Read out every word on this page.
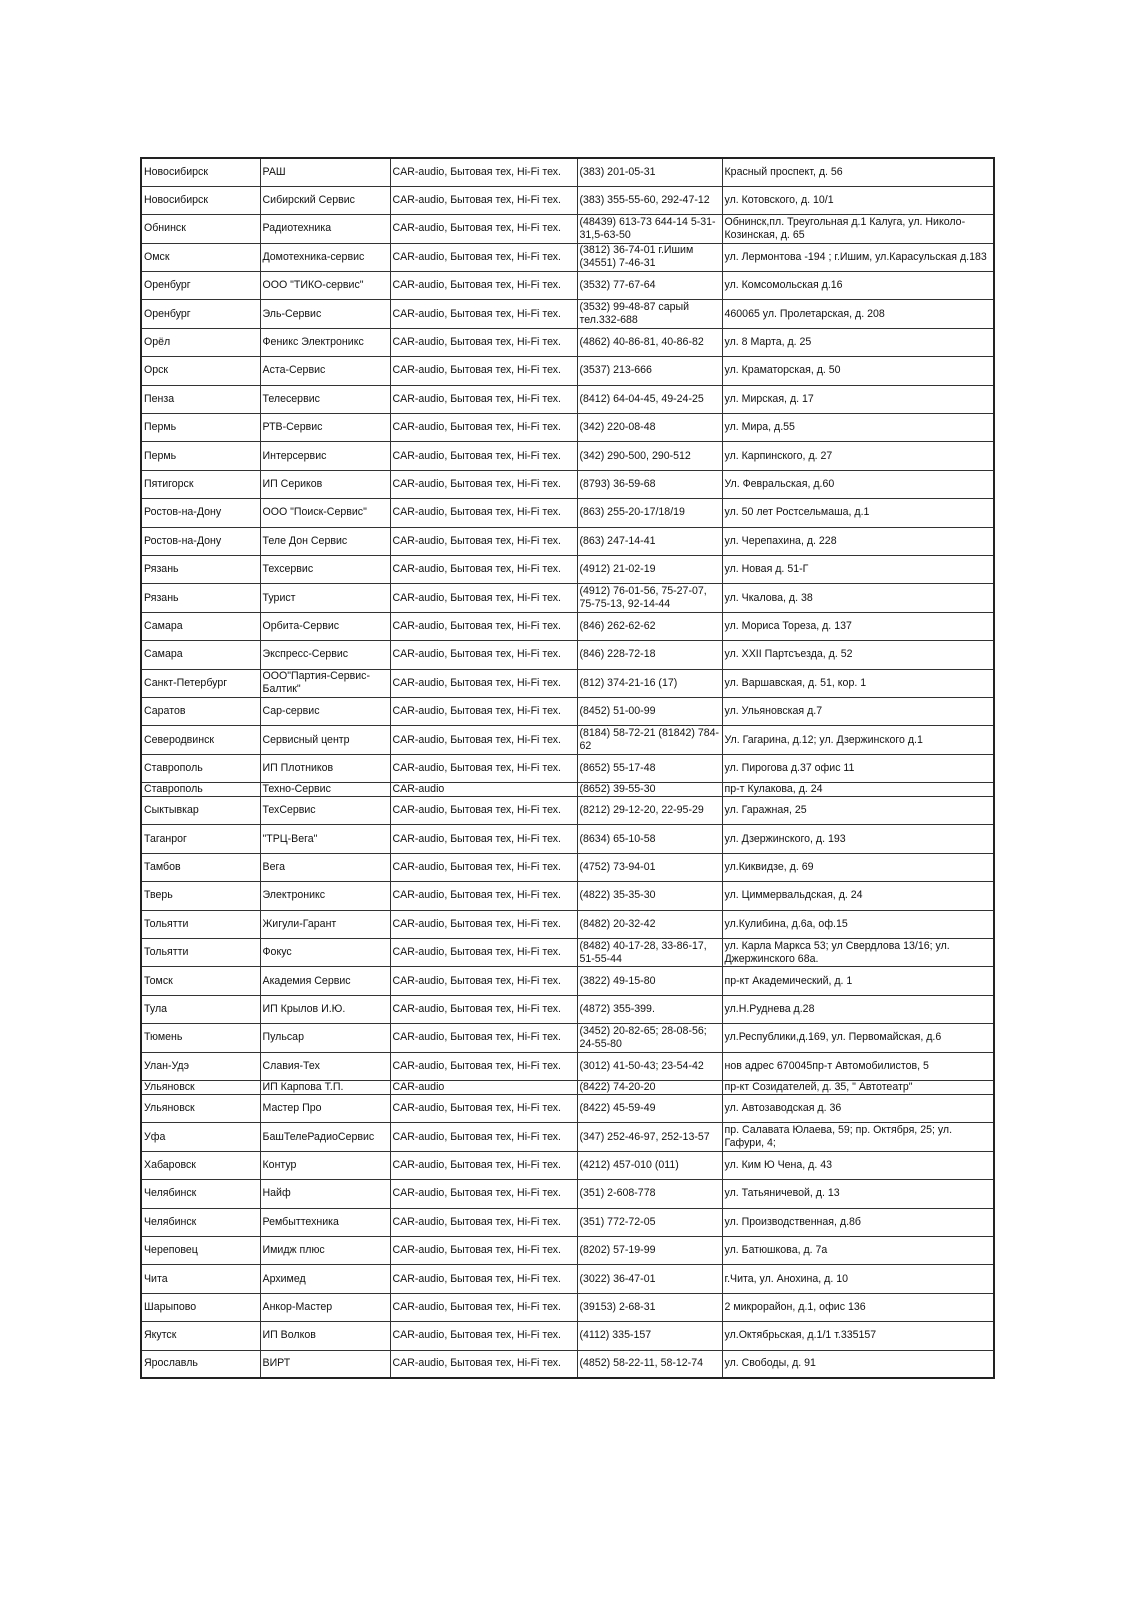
Новосибирск	РАШ	CAR-audio, Бытовая тех, Hi-Fi тех.	(383) 201-05-31	Красный проспект, д. 56
Новосибирск	Сибирский Сервис	CAR-audio, Бытовая тех, Hi-Fi тех.	(383) 355-55-60, 292-47-12	ул. Котовского, д. 10/1
Обнинск	Радиотехника	CAR-audio, Бытовая тех, Hi-Fi тех.	(48439) 613-73 644-14 5-31-31,5-63-50	Обнинск,пл. Треугольная д.1 Калуга, ул. Николо-Козинская, д. 65
Омск	Домотехника-сервис	CAR-audio, Бытовая тех, Hi-Fi тех.	(3812) 36-74-01 г.Ишим (34551) 7-46-31	ул. Лермонтова -194 ; г.Ишим, ул.Карасульская д.183
Оренбург	ООО "ТИКО-сервис"	CAR-audio, Бытовая тех, Hi-Fi тех.	(3532) 77-67-64	ул. Комсомольская д.16
Оренбург	Эль-Сервис	CAR-audio, Бытовая тех, Hi-Fi тех.	(3532) 99-48-87 сарый тел.332-688	460065 ул. Пролетарская, д. 208
Орёл	Феникс Электроникс	CAR-audio, Бытовая тех, Hi-Fi тех.	(4862) 40-86-81, 40-86-82	ул. 8 Марта, д. 25
Орск	Аста-Сервис	CAR-audio, Бытовая тех, Hi-Fi тех.	(3537) 213-666	ул. Краматорская, д. 50
Пенза	Телесервис	CAR-audio, Бытовая тех, Hi-Fi тех.	(8412) 64-04-45, 49-24-25	ул. Мирская, д. 17
Пермь	РТВ-Сервис	CAR-audio, Бытовая тех, Hi-Fi тех.	(342) 220-08-48	ул. Мира, д.55
Пермь	Интерсервис	CAR-audio, Бытовая тех, Hi-Fi тех.	(342) 290-500, 290-512	ул. Карпинского, д. 27
Пятигорск	ИП Сериков	CAR-audio, Бытовая тех, Hi-Fi тех.	(8793) 36-59-68	Ул. Февральская, д.60
Ростов-на-Дону	ООО "Поиск-Сервис"	CAR-audio, Бытовая тех, Hi-Fi тех.	(863) 255-20-17/18/19	ул. 50 лет Ростсельмаша, д.1
Ростов-на-Дону	Теле Дон Сервис	CAR-audio, Бытовая тех, Hi-Fi тех.	(863) 247-14-41	ул. Черепахина, д. 228
Рязань	Техсервис	CAR-audio, Бытовая тех, Hi-Fi тех.	(4912) 21-02-19	ул. Новая д. 51-Г
Рязань	Турист	CAR-audio, Бытовая тех, Hi-Fi тех.	(4912) 76-01-56, 75-27-07, 75-75-13, 92-14-44	ул. Чкалова, д. 38
Самара	Орбита-Сервис	CAR-audio, Бытовая тех, Hi-Fi тех.	(846) 262-62-62	ул. Мориса Тореза, д. 137
Самара	Экспресс-Сервис	CAR-audio, Бытовая тех, Hi-Fi тех.	(846) 228-72-18	ул. XXII Партсъезда, д. 52
Санкт-Петербург	ООО"Партия-Сервис-Балтик"	CAR-audio, Бытовая тех, Hi-Fi тех.	(812) 374-21-16 (17)	ул. Варшавская, д. 51, кор. 1
Саратов	Сар-сервис	CAR-audio, Бытовая тех, Hi-Fi тех.	(8452) 51-00-99	ул. Ульяновская д.7
Северодвинск	Сервисный центр	CAR-audio, Бытовая тех, Hi-Fi тех.	(8184) 58-72-21 (81842) 784-62	Ул. Гагарина, д.12; ул. Дзержинского д.1
Ставрополь	ИП Плотников	CAR-audio, Бытовая тех, Hi-Fi тех.	(8652) 55-17-48	ул. Пирогова д.37 офис 11
Ставрополь	Техно-Сервис	CAR-audio	(8652) 39-55-30	пр-т Кулакова, д. 24
Сыктывкар	ТехСервис	CAR-audio, Бытовая тех, Hi-Fi тех.	(8212) 29-12-20, 22-95-29	ул. Гаражная, 25
Таганрог	"ТРЦ-Вега"	CAR-audio, Бытовая тех, Hi-Fi тех.	(8634) 65-10-58	ул. Дзержинского, д. 193
Тамбов	Вега	CAR-audio, Бытовая тех, Hi-Fi тех.	(4752) 73-94-01	ул.Киквидзе, д. 69
Тверь	Электроникс	CAR-audio, Бытовая тех, Hi-Fi тех.	(4822) 35-35-30	ул. Циммервальдская, д. 24
Тольятти	Жигули-Гарант	CAR-audio, Бытовая тех, Hi-Fi тех.	(8482) 20-32-42	ул.Кулибина, д.6а, оф.15
Тольятти	Фокус	CAR-audio, Бытовая тех, Hi-Fi тех.	(8482) 40-17-28, 33-86-17, 51-55-44	ул. Карла Маркса 53; ул Свердлова 13/16; ул. Джержинского 68а.
Томск	Академия Сервис	CAR-audio, Бытовая тех, Hi-Fi тех.	(3822) 49-15-80	пр-кт Академический, д. 1
Тула	ИП Крылов И.Ю.	CAR-audio, Бытовая тех, Hi-Fi тех.	(4872) 355-399.	ул.Н.Руднева д.28
Тюмень	Пульсар	CAR-audio, Бытовая тех, Hi-Fi тех.	(3452) 20-82-65; 28-08-56; 24-55-80	ул.Республики,д.169, ул. Первомайская, д.6
Улан-Удэ	Славия-Тех	CAR-audio, Бытовая тех, Hi-Fi тех.	(3012) 41-50-43; 23-54-42	нов адрес 670045пр-т Автомобилистов, 5
Ульяновск	ИП Карпова Т.П.	CAR-audio	(8422) 74-20-20	пр-кт Созидателей, д. 35, " Автотеатр"
Ульяновск	Мастер Про	CAR-audio, Бытовая тех, Hi-Fi тех.	(8422) 45-59-49	ул. Автозаводская д. 36
Уфа	БашТелеРадиоСервис	CAR-audio, Бытовая тех, Hi-Fi тех.	(347) 252-46-97, 252-13-57	пр. Салавата Юлаева, 59; пр. Октября, 25; ул. Гафури, 4;
Хабаровск	Контур	CAR-audio, Бытовая тех, Hi-Fi тех.	(4212) 457-010 (011)	ул. Ким Ю Чена, д. 43
Челябинск	Найф	CAR-audio, Бытовая тех, Hi-Fi тех.	(351) 2-608-778	ул. Татьяничевой, д. 13
Челябинск	Рембыттехника	CAR-audio, Бытовая тех, Hi-Fi тех.	(351) 772-72-05	ул. Производственная, д.8б
Череповец	Имидж плюс	CAR-audio, Бытовая тех, Hi-Fi тех.	(8202) 57-19-99	ул. Батюшкова, д. 7а
Чита	Архимед	CAR-audio, Бытовая тех, Hi-Fi тех.	(3022) 36-47-01	г.Чита, ул. Анохина, д. 10
Шарыпово	Анкор-Мастер	CAR-audio, Бытовая тех, Hi-Fi тех.	(39153) 2-68-31	2 микрорайон, д.1, офис 136
Якутск	ИП Волков	CAR-audio, Бытовая тех, Hi-Fi тех.	(4112) 335-157	ул.Октябрьская, д.1/1 т.335157
Ярославль	ВИРТ	CAR-audio, Бытовая тех, Hi-Fi тех.	(4852) 58-22-11, 58-12-74	ул. Свободы, д. 91
